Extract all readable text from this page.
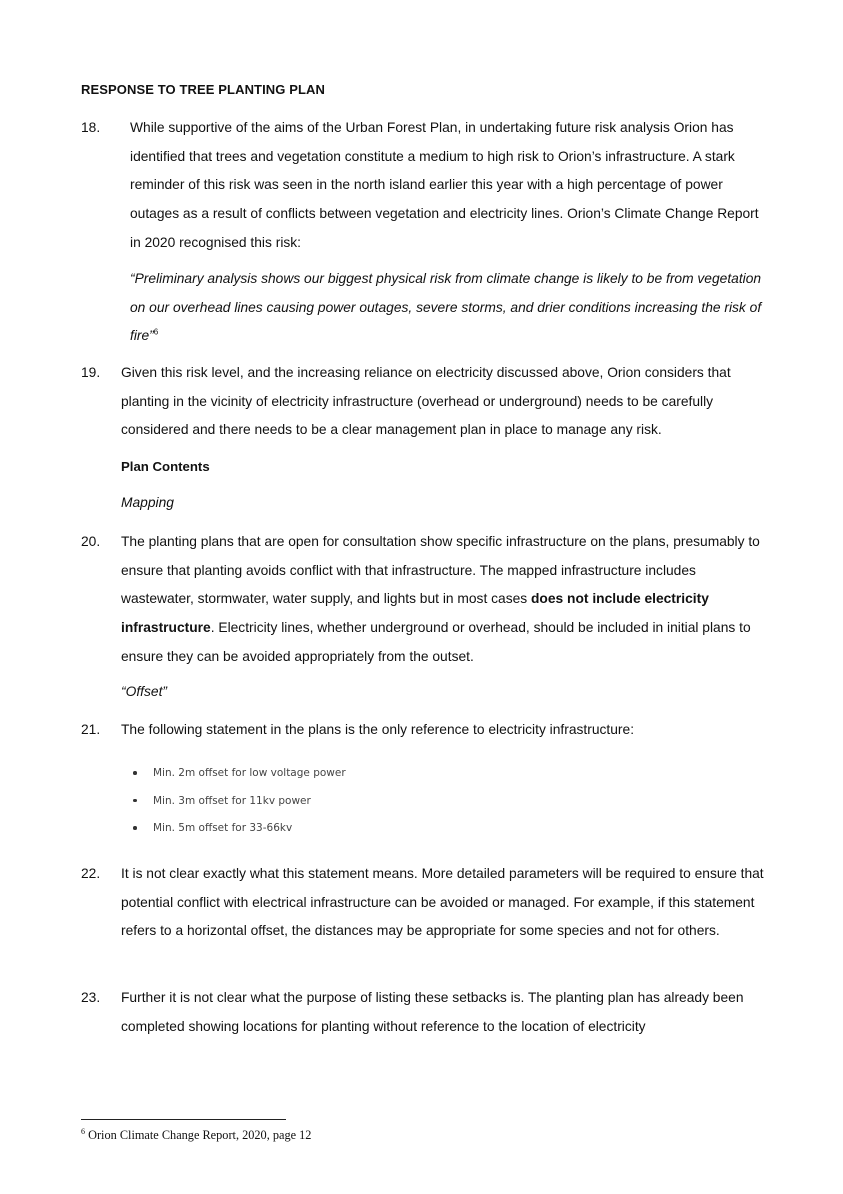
RESPONSE TO TREE PLANTING PLAN
18. While supportive of the aims of the Urban Forest Plan, in undertaking future risk analysis Orion has identified that trees and vegetation constitute a medium to high risk to Orion’s infrastructure. A stark reminder of this risk was seen in the north island earlier this year with a high percentage of power outages as a result of conflicts between vegetation and electricity lines. Orion’s Climate Change Report in 2020 recognised this risk:
“Preliminary analysis shows our biggest physical risk from climate change is likely to be from vegetation on our overhead lines causing power outages, severe storms, and drier conditions increasing the risk of fire”$^6$
19. Given this risk level, and the increasing reliance on electricity discussed above, Orion considers that planting in the vicinity of electricity infrastructure (overhead or underground) needs to be carefully considered and there needs to be a clear management plan in place to manage any risk.
Plan Contents
Mapping
20. The planting plans that are open for consultation show specific infrastructure on the plans, presumably to ensure that planting avoids conflict with that infrastructure. The mapped infrastructure includes wastewater, stormwater, water supply, and lights but in most cases does not include electricity infrastructure. Electricity lines, whether underground or overhead, should be included in initial plans to ensure they can be avoided appropriately from the outset.
“Offset”
21. The following statement in the plans is the only reference to electricity infrastructure:
Min. 2m offset for low voltage power
Min. 3m offset for 11kv power
Min. 5m offset for 33-66kv
22. It is not clear exactly what this statement means. More detailed parameters will be required to ensure that potential conflict with electrical infrastructure can be avoided or managed. For example, if this statement refers to a horizontal offset, the distances may be appropriate for some species and not for others.
23. Further it is not clear what the purpose of listing these setbacks is. The planting plan has already been completed showing locations for planting without reference to the location of electricity
$^6$ Orion Climate Change Report, 2020, page 12
